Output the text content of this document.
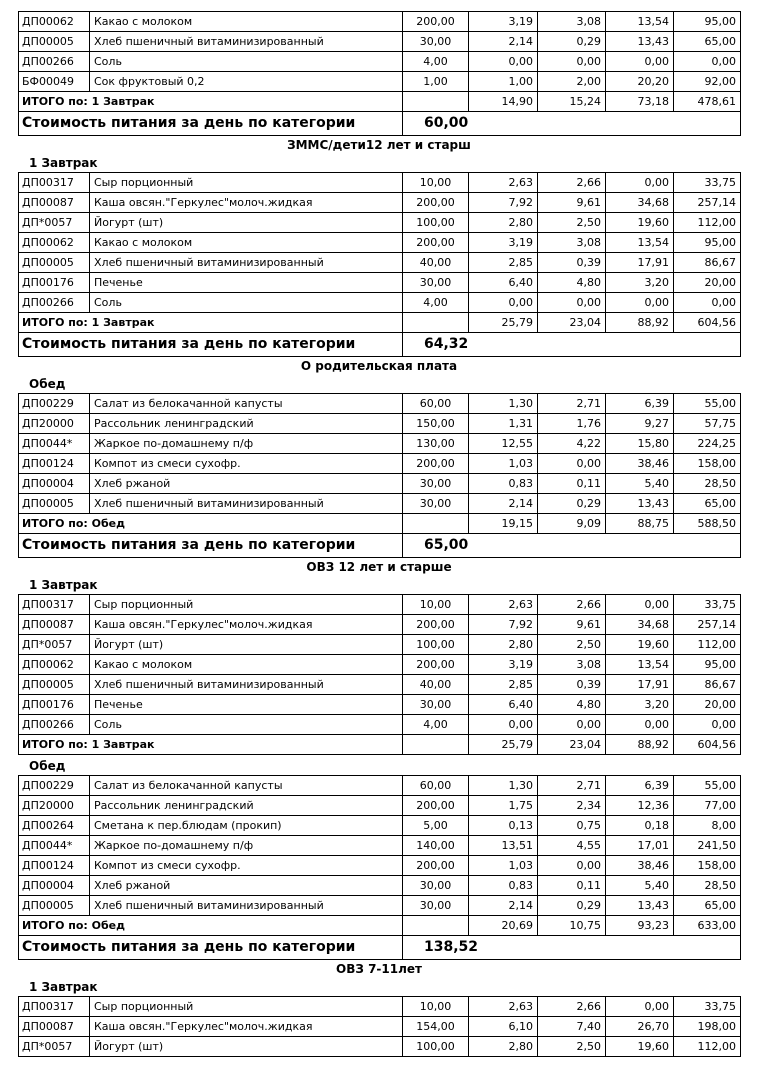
ДП00062	Какао с молоком	200,00	3,19	3,08	13,54	95,00
ДП00005	Хлеб пшеничный витаминизированный	30,00	2,14	0,29	13,43	65,00
ДП00266	Соль	4,00	0,00	0,00	0,00	0,00
БФ00049	Сок фруктовый 0,2	1,00	1,00	2,00	20,20	92,00
ИТОГО по: 1 Завтрак			14,90	15,24	73,18	478,61
Стоимость питания за день по категории		60,00				
ЗММС/дети12 лет и старш
1 Завтрак
ДП00317	Сыр порционный	10,00	2,63	2,66	0,00	33,75
ДП00087	Каша овсян."Геркулес"молоч.жидкая	200,00	7,92	9,61	34,68	257,14
ДП*0057	Йогурт (шт)	100,00	2,80	2,50	19,60	112,00
ДП00062	Какао с молоком	200,00	3,19	3,08	13,54	95,00
ДП00005	Хлеб пшеничный витаминизированный	40,00	2,85	0,39	17,91	86,67
ДП00176	Печенье	30,00	6,40	4,80	3,20	20,00
ДП00266	Соль	4,00	0,00	0,00	0,00	0,00
ИТОГО по: 1 Завтрак			25,79	23,04	88,92	604,56
Стоимость питания за день по категории		64,32				
О родительская плата
Обед
ДП00229	Салат из белокачанной капусты	60,00	1,30	2,71	6,39	55,00
ДП20000	Рассольник ленинградский	150,00	1,31	1,76	9,27	57,75
ДП0044*	Жаркое по-домашнему п/ф	130,00	12,55	4,22	15,80	224,25
ДП00124	Компот из смеси сухофр.	200,00	1,03	0,00	38,46	158,00
ДП00004	Хлеб ржаной	30,00	0,83	0,11	5,40	28,50
ДП00005	Хлеб пшеничный витаминизированный	30,00	2,14	0,29	13,43	65,00
ИТОГО по: Обед			19,15	9,09	88,75	588,50
Стоимость питания за день по категории		65,00				
ОВЗ 12 лет и старше
1 Завтрак
ДП00317	Сыр порционный	10,00	2,63	2,66	0,00	33,75
ДП00087	Каша овсян."Геркулес"молоч.жидкая	200,00	7,92	9,61	34,68	257,14
ДП*0057	Йогурт (шт)	100,00	2,80	2,50	19,60	112,00
ДП00062	Какао с молоком	200,00	3,19	3,08	13,54	95,00
ДП00005	Хлеб пшеничный витаминизированный	40,00	2,85	0,39	17,91	86,67
ДП00176	Печенье	30,00	6,40	4,80	3,20	20,00
ДП00266	Соль	4,00	0,00	0,00	0,00	0,00
ИТОГО по: 1 Завтрак			25,79	23,04	88,92	604,56
Обед
ДП00229	Салат из белокачанной капусты	60,00	1,30	2,71	6,39	55,00
ДП20000	Рассольник ленинградский	200,00	1,75	2,34	12,36	77,00
ДП00264	Сметана к пер.блюдам (прокип)	5,00	0,13	0,75	0,18	8,00
ДП0044*	Жаркое по-домашнему п/ф	140,00	13,51	4,55	17,01	241,50
ДП00124	Компот из смеси сухофр.	200,00	1,03	0,00	38,46	158,00
ДП00004	Хлеб ржаной	30,00	0,83	0,11	5,40	28,50
ДП00005	Хлеб пшеничный витаминизированный	30,00	2,14	0,29	13,43	65,00
ИТОГО по: Обед			20,69	10,75	93,23	633,00
Стоимость питания за день по категории		138,52				
ОВЗ 7-11лет
1 Завтрак
ДП00317	Сыр порционный	10,00	2,63	2,66	0,00	33,75
ДП00087	Каша овсян."Геркулес"молоч.жидкая	154,00	6,10	7,40	26,70	198,00
ДП*0057	Йогурт (шт)	100,00	2,80	2,50	19,60	112,00
